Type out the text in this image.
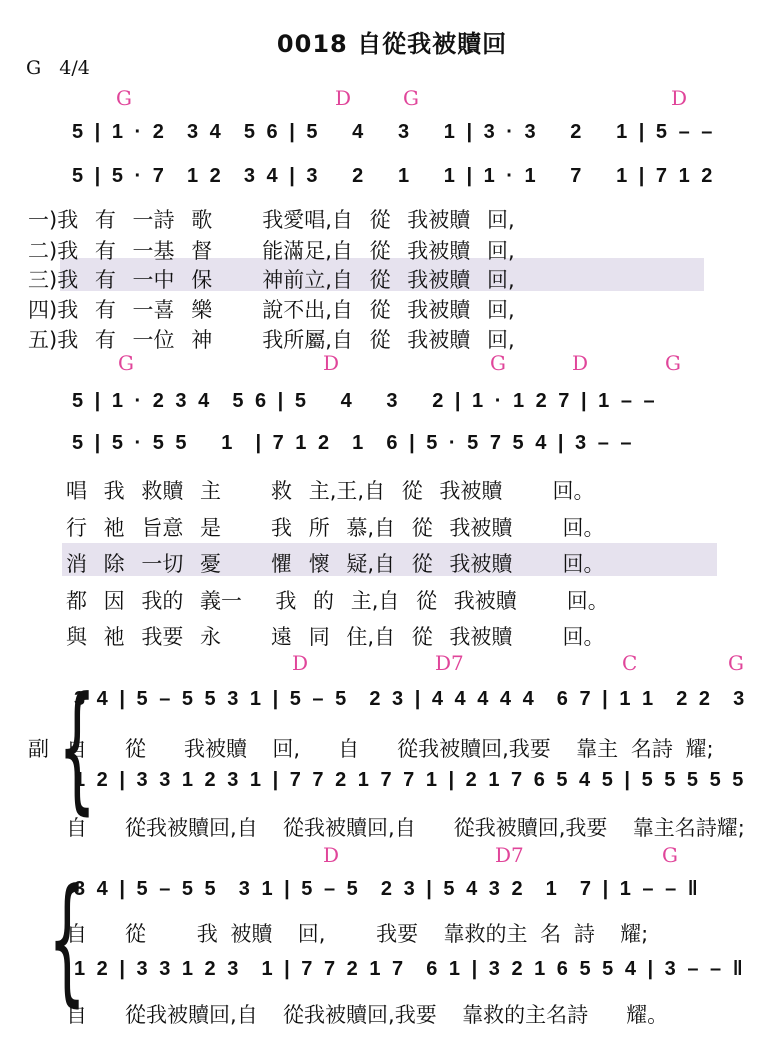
0018 自從我被贖回
G   4/4
G	D	G	D
5 | 1 · 2  3 4  5 6 | 5   4   3   1 | 3 · 3   2   1 | 5 – –
5 | 5 · 7  1 2  3 4 | 3   2   1   1 | 1 · 1   7   1 | 7 1 2
一)我 有 一詩 歌   我愛唱,自 從 我被贖 回,
二)我 有 一基 督   能滿足,自 從 我被贖 回,
三)我 有 一中 保   神前立,自 從 我被贖 回,
四)我 有 一喜 樂   說不出,自 從 我被贖 回,
五)我 有 一位 神   我所屬,自 從 我被贖 回,
G	D	G	D	G
5 | 1 · 2 3 4  5 6 | 5   4   3   2 | 1 · 1 2 7 | 1 – –
5 | 5 · 5 5   1  | 7 1 2  1  6 | 5 · 5 7 5 4 | 3 – –
唱 我 救贖 主   救 主,王,自 從 我被贖   回。
行 祂 旨意 是   我 所 慕,自 從 我被贖   回。
消 除 一切 憂   懼 懷 疑,自 從 我被贖   回。
都 因 我的 義一  我 的 主,自 從 我被贖   回。
與 祂 我要 永   遠 同 住,自 從 我被贖   回。
D	D7	C	G
{
3 4 | 5 – 5 5 3 1 | 5 – 5  2 3 | 4 4 4 4 4  6 7 | 1 1  2 2  3
副 自   從   我被贖  回,   自   從我被贖回,我要  靠主 名詩 耀;
1 2 | 3 3 1 2 3 1 | 7 7 2 1 7 7 1 | 2 1 7 6 5 4 5 | 5 5 5 5 5
自   從我被贖回,自  從我被贖回,自   從我被贖回,我要  靠主名詩耀;
D	D7	G
{
3 4 | 5 – 5 5  3 1 | 5 – 5  2 3 | 5 4 3 2  1  7 | 1 – – ‖
自   從    我 被贖  回,    我要  靠救的主 名 詩  耀;
1 2 | 3 3 1 2 3  1 | 7 7 2 1 7  6 1 | 3 2 1 6 5 5 4 | 3 – – ‖
自   從我被贖回,自  從我被贖回,我要  靠救的主名詩   耀。
